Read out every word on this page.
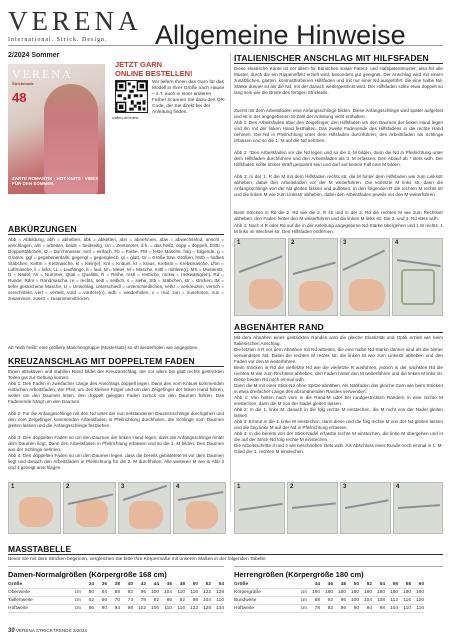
VERENA
International. Strick. Design.
2/2024 Sommer
Allgemeine Hinweise
VERENA
Strickmode
48
ZARTE ROMANTIK · HOT KNITS · VIBES FÜR DEN SOMMER
JETZT GARN
ONLINE BESTELLEN!
craftery.de/verena
Wir liefern Ihnen das Garn für das Modell in Ihrer Größe nach Hause – z.T. auch in einer anderen Farbe! Scannen Sie dazu den QR-Code, der Sie direkt bei der Anleitung finden.
ABKÜRZUNGEN
Abb = Abbildung, abh = abheben, abk = abketten, abn = abnehmen, abw = abwechselnd, anschl = anschlagen, arb = arbeiten, beids = beidseitig, cm = Zentimeter, d.h. = das heißt, dopp = doppelt, DStb = Doppelstäbchen, Ø = Durchmesser, einf = einfach, Fb = Farbe, FM = feste Masche, folg = folgende, g = Gramm, ggf = gegebenenfalls, gegengl = gegengleich, gl = glatt, Gr = Größe bzw. Größen, hStb = halbes Stäbchen, Kettm = Kettmasche, kl = klein(e), Knl = Knäuel, kr = kraus, Krebsm = Krebsmasche, Lftm = Luftmasche, li = links, LL = Lauflänge, lt = laut, M = Meter, M = Masche, mittl = mittlere(r), MS = Musterstz, N = Nadel, Nr = Nummer, Qual = Qualität, R = Reihe, restl = restliche, rückw = rückwärtig(en), Rd = Runde, Rdm = Randmasche, re = rechts, seitl = seitlich, s = siehe, Stb = Stäbchen, str = stricken, tM = tiefer gestochene Masche, U = Umschlag, unterschiedl = unterschiedlichen, verkr = verkreuzen, versch = verschränkt, vert = verteilt, vord = vordere(n), wdh = wiederholen, x = mal, zun = zunehmen, zus = zusammen, zusstr = zusammenstricken.
Ab *wdh heißt: eine größere Maschengruppe (Mustersatz) so oft wiederholen wie angegeben.
KREUZANSCHLAG MIT DOPPELTEM FADEN
Einen attraktiven und stabilen Rand bildet der Kreuzanschlag, der vor allem bei glatt rechts gestrickten Teilen gut zur Geltung kommt.
Abb 1: Den Faden in zweifacher Länge des Anschlags doppelt legen. Dann den vom Knäuel kommenden einfachen Arbeitsfaden, wie Pfeil, um den kleinen Finger und um den Zeigefinger der linken Hand führen, weiter um den Daumen leiten, den doppelt gelegten Faden zurück um den Daumen führen. Das Fadenende hängt um den Daumen.
Abb 2: Für die Anfangsschlinge mit den Nd unter der nun entstandenen Daumenschlinge durchgehen und den vom Zeigefinger kommenden Arbeitsfaden in Pfeilrichtung durchholen, die Schlinge vom Daumen gleiten lassen und die Anfangsschlinge festziehen.
Abb 3: Den doppelten Faden so um den Daumen der linken Hand legen, dass die Anfangsschlinge hinter dem Daumen liegt. Dann den Arbeitsfaden in Pfeilrichtung erfassen und so die 1. M bilden. Den Daumen aus der Schlinge nehmen.
Abb 4: Den doppelten Faden so um den Daumen legen, dass die bereits gebildetete M vor dem Daumen liegt und danach den Arbeitsfaden in Pfeilrichtung für die 2. M durchholen. Alle weiteren M wie in Abb 3 und 4 gezeigt anschlagen.
ITALIENISCHER ANSCHLAG MIT HILFSFADEN
Diese elastische Kante ist vor allem für Bündchen sowie Patent- und Halbpatentmuster, also für alle Muster, durch die ein Rippeneffekt erzielt wird, besonders gut geeignet. Der Anschlag wird mit einem zusätzlichen, glatten, kontrastfarbenen Hilfsfaden und mit nur einer Nd ausgeführt, die eine halbe Nd-Stärke dünner ist als die Nd, mit der danach weitergestrickt wird. Der Hilfsfaden sollte etwa doppelt so lang sein wie die Breite des fertigen Strickteils.
Zuerst mit dem Arbeitsfaden eine Anfangsschlinge bilden. Diese Anfangsschlinge wird später aufgelöst und ist in der angegebenen M-Zahl der Anleitung nicht enthalten.
Abb 1: Den Arbeitsfaden über den Zeigefinger, den Hilfsfaden um den Daumen der linken Hand legen und ihn mit der linken Hand festhalten. Das zweite Fadenende des Hilfsfadens in die rechte Hand nehmen. Die Nd in Pfeilrichtung unter dem Hilfsfaden durchführen, den Arbeitsfaden als Schlinge erfassen und so die 1. M auf die Nd nehmen.
Abb 2: *Den Arbeitsfaden vor die Nd legen und so die 2. M bilden, dann die Nd in Pfeilrichtung unter dem Hilfsfaden durchführen und den Arbeitsfaden als 3. M erfassen. Den Ablauf ab * stets wdh. Der Hilfsfaden sollte immer straff gespannt sein und darf auf keinen Fall eine M bilden.
Abb 3: In der 1. R die M mit dem Hilfsfaden rechts str, die M hinter dem Hilfsfaden wie zum Linksstr abheben, dabei den Arbeitsfaden vor der M weiterführen. Die vorletzte M links str, dann die Anfangsschlinge von der Nd gleiten lassen und auflösen. In den folgenden R die rechten M rechts str und die linken M wie zum Linksstr abheben, dabei den Arbeitsfaden jeweils vor den M weiterführen.
Beim Stricken in Rd die 2. Rd wie die 2. R str und in der 3. Rd die rechten M wie zum Rechtsstr abheben, den Faden hinter den M weiterführen und die linken M links str. Die 2. und 3. Rd stets wdh.
Abb 4: Nach 4 R oder Rd auf die in der Anleitung angegebene Nd-Stärke übergehen und 1 M rechts, 1 M links im Wechsel str. Den Hilfsfaden entfernen.
1	2	3	4
ABGENÄHTER RAND
Mit dem Abnähen eines gestrickten Randes wird die gleiche Elastizität und Optik erzielt wie beim Italienischen Anschlag.
Die letzten 4 R vor dem Abnähen mit Nd arbeiten, die eine halbe Nd-Stärke dünner sind als die bisher verwendeten Nd. Dabei die rechten M rechts str, die linken M wie zum Linksstr abheben und den Faden vor den M weiterführen.
Beim Stricken in Rd die vierletzte Rd wie die vierletzte R ausführen, jedoch in der nächsten Rd die rechten M wie zum Rechtsstr abheben, den Faden hinter den M weiterführen und die linken M links str. Diese beiden Rd noch einmal wdh.
Dann die M mit einer Stick-Nd ohne Spitze abnähen. Als Nähfaden das gleiche Garn wie beim Stricken in etwa dreifacher Länge des abzunähenden Randes verwenden.
Abb 1: Von hinten nach vorn in die Rand-M oder bei rundgestrickten Rändern in eine rechte M einstechen, dann die M von der Nadel gleiten lassen.
Abb 2: In die 1. linke M, danach in die folg rechte M einstechen, die M nicht von der Nadel gleiten lassen.
Abb 3: Erneut in die 1. linke M einstechen, dann diese und die folg rechte M von der Nd gleiten lassen und die folg linke M auf der Nd in Pfeilrichtung erfassen.
Abb 4: In die bereits von der Stick-Nadel erfasste rechte M einstechen, die linke M übergehen und in die auf der Strick-Nd folg rechte M einstechen.
Die Arbeitsschritte 3 und 4 wie beschrieben stets wdh. Als Abschluss einer Runde noch einmal in 1. M-Glied der 1. rechten M einstechen.
1	2	3	4	1	2	3	4
MASSTABELLE
Bevor Sie mit dem Stricken beginnen, vergleichen Sie bitte Ihre Körpermaße mit unseren Maßen in der folgenden Tabelle:
Damen-Normalgrößen (Körpergröße 168 cm)
Größe		34	36	38	40	42	44	46	48	50	52	54
Oberweite	cm	80	84	88	92	96	100	104	110	116	122	128
Taillenweite	cm	62	66	70	74	78	82	86	92	98	104	110
Hüftweite	cm	86	90	94	98	102	106	110	116	122	128	134
Herrengrößen (Körpergröße 180 cm)
Größe		44	46	48	50	52	54	56	58	60
Körpergröße	cm	180	180	180	180	180	180	180	180	180
Bundweite	cm	88	92	96	100	104	108	112	116	120
Hüftweite	cm	78	82	86	90	94	98	104	110	116
30 VERENA STRICKTRENDS 2/2024
